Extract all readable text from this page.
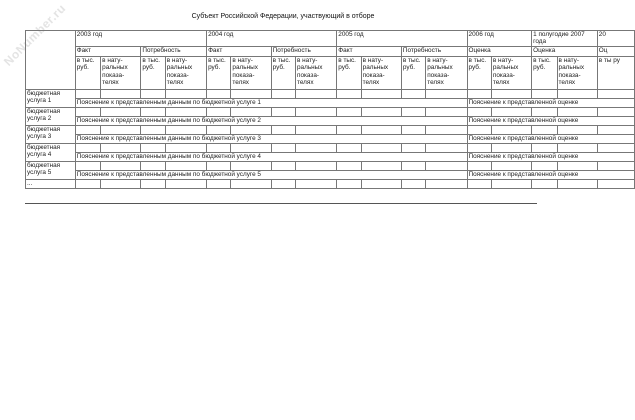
NoNumber.ru	Субъект Российской Федерации, участвующий в отборе
	2003 год				2004 год				2005 год				2006 год		1 полугодие 2007 года		20
	Факт		Потребность		Факт		Потребность		Факт		Потребность		Оценка		Оценка		Оц
	в тыс. руб.	в нату-ральных показа-телях	в тыс. руб.	в нату-ральных показа-телях	в тыс. руб.	в нату-ральных показа-телях	в тыс. руб.	в нату-ральных показа-телях	в тыс. руб.	в нату-ральных показа-телях	в тыс. руб.	в нату-ральных показа-телях	в тыс. руб.	в нату-ральных показа-телях	в тыс. руб.	в нату-ральных показа-телях	в ты ру
бюджетная услуга 1																	
	Пояснение к представленным данным по бюджетной услуге 1												Пояснение к представленной оценке				
бюджетная услуга 2																	
	Пояснение к представленным данным по бюджетной услуге 2												Пояснение к представленной оценке				
бюджетная услуга 3																	
	Пояснение к представленным данным по бюджетной услуге 3												Пояснение к представленной оценке				
бюджетная услуга 4																	
	Пояснение к представленным данным по бюджетной услуге 4												Пояснение к представленной оценке				
бюджетная услуга 5																	
	Пояснение к представленным данным по бюджетной услуге 5												Пояснение к представленной оценке				
...																	
